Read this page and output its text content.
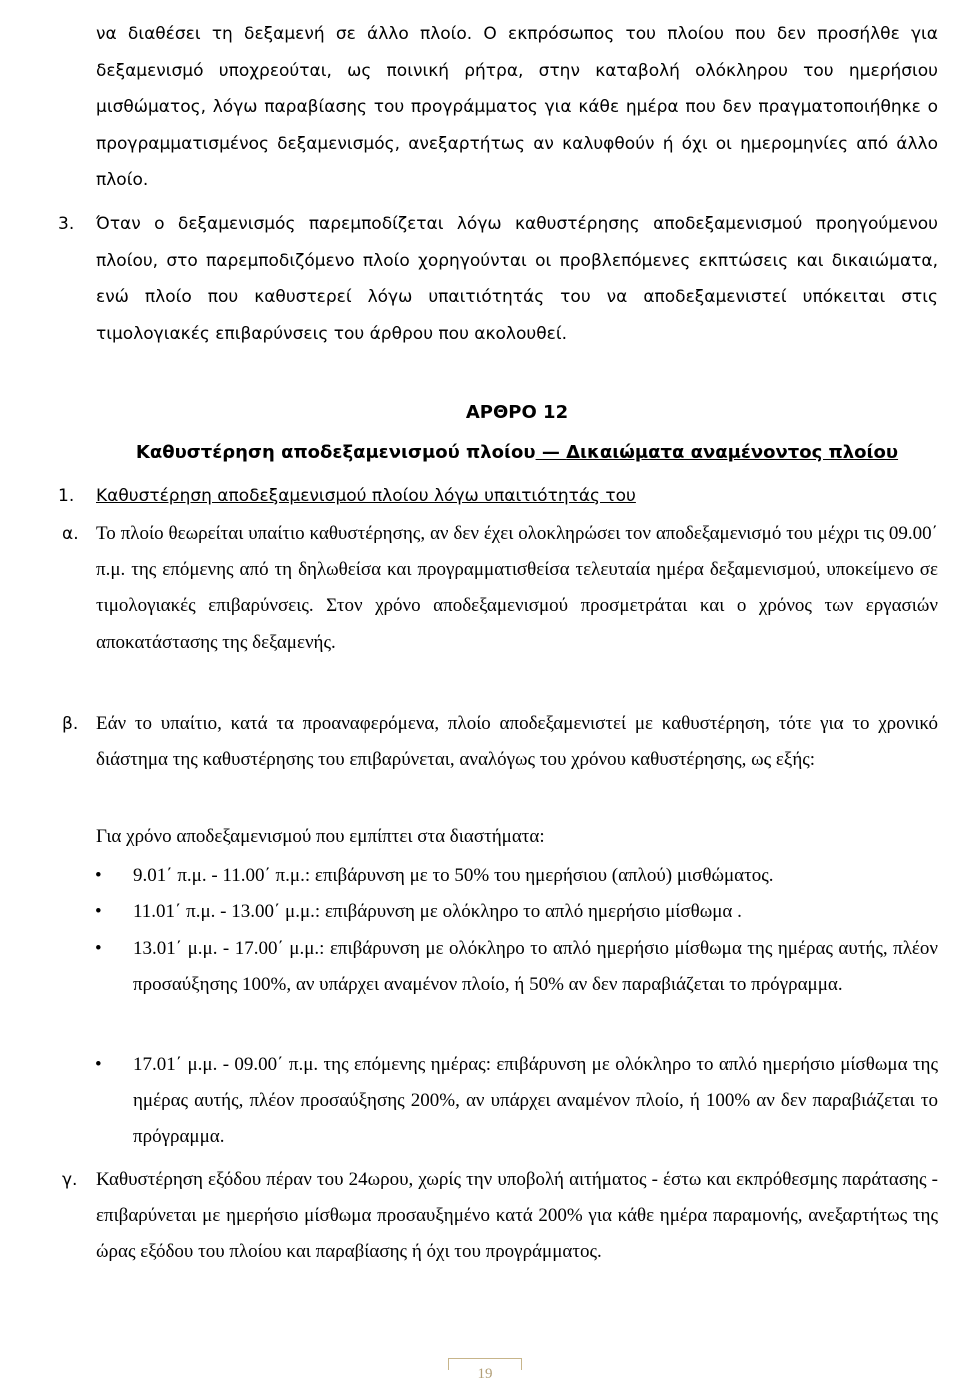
να διαθέσει τη δεξαμενή σε άλλο πλοίο. Ο εκπρόσωπος του πλοίου που δεν προσήλθε για δεξαμενισμό υποχρεούται, ως ποινική ρήτρα, στην καταβολή ολόκληρου του ημερήσιου μισθώματος, λόγω παραβίασης του προγράμματος για κάθε ημέρα που δεν πραγματοποιήθηκε ο προγραμματισμένος δεξαμενισμός, ανεξαρτήτως αν καλυφθούν ή όχι οι ημερομηνίες από άλλο πλοίο.

3. Όταν ο δεξαμενισμός παρεμποδίζεται λόγω καθυστέρησης αποδεξαμενισμού προηγούμενου πλοίου, στο παρεμποδιζόμενο πλοίο χορηγούνται οι προβλεπόμενες εκπτώσεις και δικαιώματα, ενώ πλοίο που καθυστερεί λόγω υπαιτιότητάς του να αποδεξαμενιστεί υπόκειται στις τιμολογιακές επιβαρύνσεις του άρθρου που ακολουθεί.
ΑΡΘΡΟ 12
Καθυστέρηση αποδεξαμενισμού πλοίου — Δικαιώματα αναμένοντος πλοίου
1. Καθυστέρηση αποδεξαμενισμού πλοίου λόγω υπαιτιότητάς του
α. Το πλοίο θεωρείται υπαίτιο καθυστέρησης, αν δεν έχει ολοκληρώσει τον αποδεξαμενισμό του μέχρι τις 09.00΄ π.μ. της επόμενης από τη δηλωθείσα και προγραμματισθείσα τελευταία ημέρα δεξαμενισμού, υποκείμενο σε τιμολογιακές επιβαρύνσεις. Στον χρόνο αποδεξαμενισμού προσμετράται και ο χρόνος των εργασιών αποκατάστασης της δεξαμενής.
β. Εάν το υπαίτιο, κατά τα προαναφερόμενα, πλοίο αποδεξαμενιστεί με καθυστέρηση, τότε για το χρονικό διάστημα της καθυστέρησης του επιβαρύνεται, αναλόγως του χρόνου καθυστέρησης, ως εξής:

Για χρόνο αποδεξαμενισμού που εμπίπτει στα διαστήματα:

• 9.01΄ π.μ. - 11.00΄ π.μ.: επιβάρυνση με το 50% του ημερήσιου (απλού) μισθώματος.
• 11.01΄ π.μ. - 13.00΄ μ.μ.: επιβάρυνση με ολόκληρο το απλό ημερήσιο μίσθωμα .
• 13.01΄ μ.μ. - 17.00΄ μ.μ.: επιβάρυνση με ολόκληρο το απλό ημερήσιο μίσθωμα της ημέρας αυτής, πλέον προσαύξησης 100%, αν υπάρχει αναμένον πλοίο, ή 50% αν δεν παραβιάζεται το πρόγραμμα.
• 17.01΄ μ.μ. - 09.00΄ π.μ. της επόμενης ημέρας: επιβάρυνση με ολόκληρο το απλό ημερήσιο μίσθωμα της ημέρας αυτής, πλέον προσαύξησης 200%, αν υπάρχει αναμένον πλοίο, ή 100% αν δεν παραβιάζεται το πρόγραμμα.
γ. Καθυστέρηση εξόδου πέραν του 24ωρου, χωρίς την υποβολή αιτήματος - έστω και εκπρόθεσμης παράτασης - επιβαρύνεται με ημερήσιο μίσθωμα προσαυξημένο κατά 200% για κάθε ημέρα παραμονής, ανεξαρτήτως της ώρας εξόδου του πλοίου και παραβίασης ή όχι του προγράμματος.
19
